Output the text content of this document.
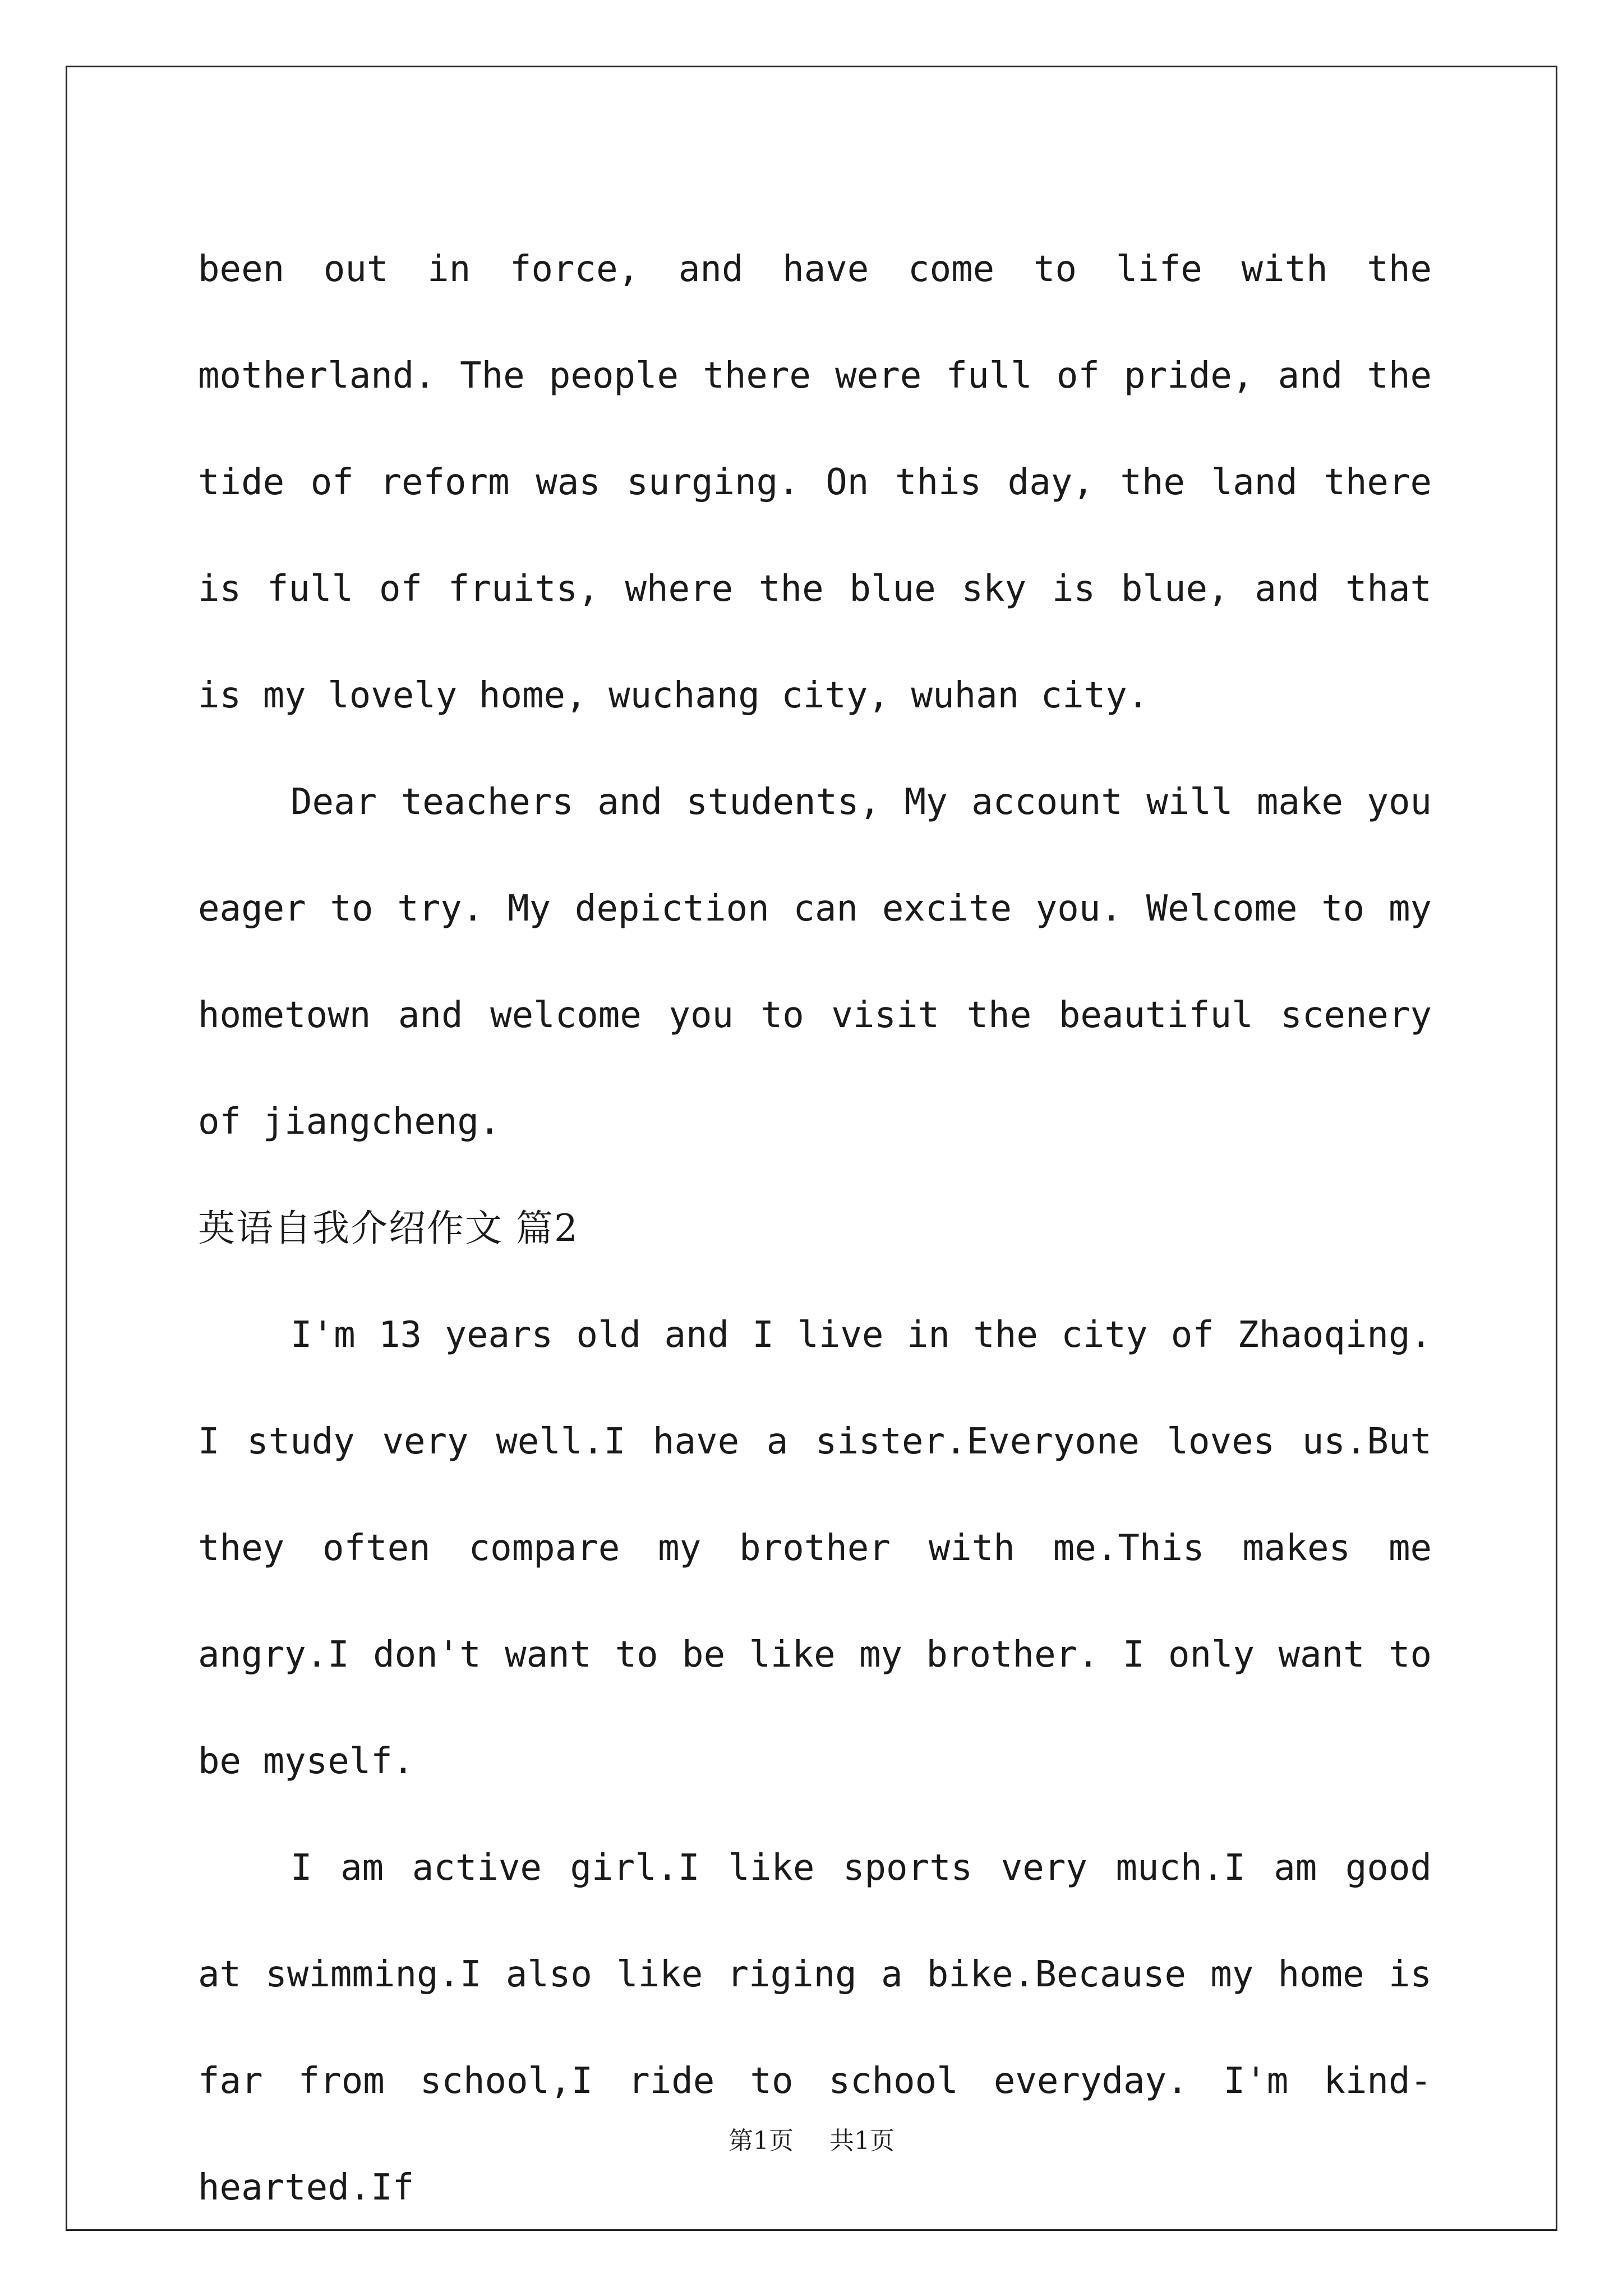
been out in force, and have come to life with the motherland. The people there were full of pride, and the tide of reform was surging. On this day, the land there is full of fruits, where the blue sky is blue, and that is my lovely home, wuchang city, wuhan city.

Dear teachers and students, My account will make you eager to try. My depiction can excite you. Welcome to my hometown and welcome you to visit the beautiful scenery of jiangcheng.

英语自我介绍作文 篇2

I'm 13 years old and I live in the city of Zhaoqing. I study very well.I have a sister.Everyone loves us.But they often compare my brother with me.This makes me angry.I don't want to be like my brother. I only want to be myself.

I am active girl.I like sports very much.I am good at swimming.I also like riging a bike.Because my home is far from school,I ride to school everyday. I'm kind-hearted.If

第1页 共1页
